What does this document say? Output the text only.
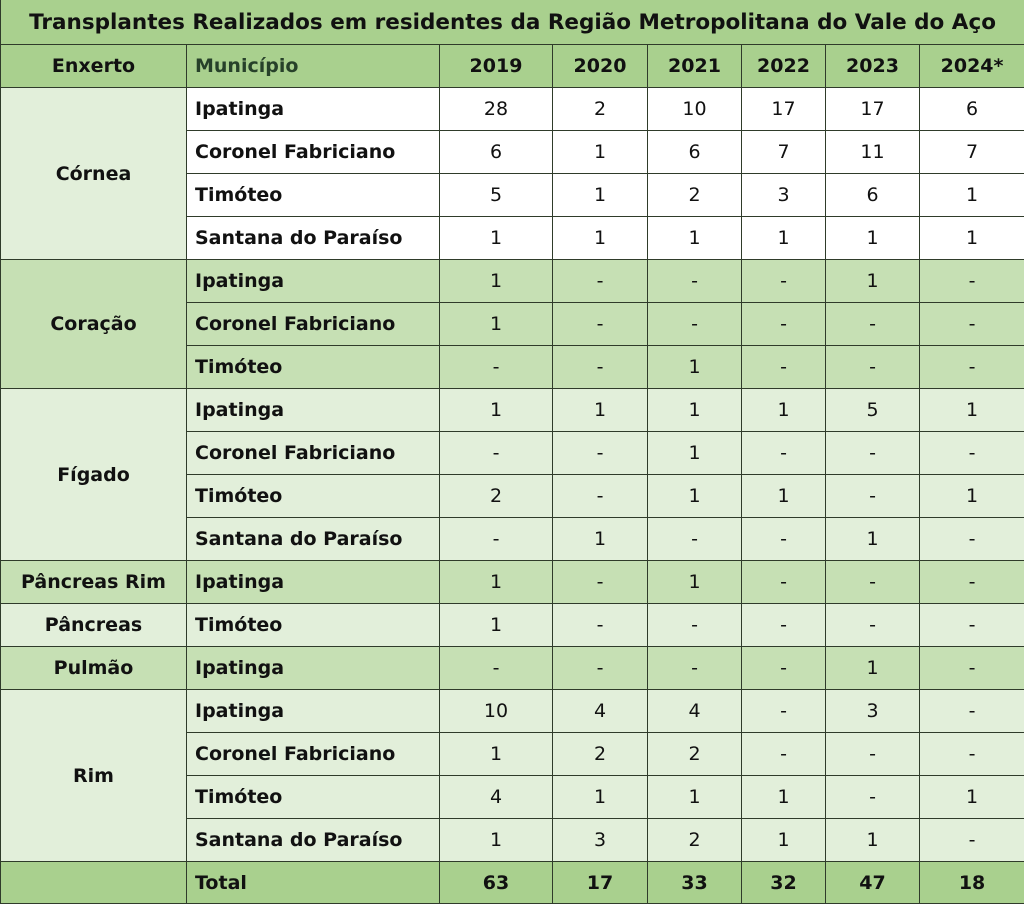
Transplantes Realizados em residentes da Região Metropolitana do Vale do Aço							
Enxerto	Município	2019	2020	2021	2022	2023	2024*
Córnea	Ipatinga	28	2	10	17	17	6
	Coronel Fabriciano	6	1	6	7	11	7
	Timóteo	5	1	2	3	6	1
	Santana do Paraíso	1	1	1	1	1	1
Coração	Ipatinga	1	-	-	-	1	-
	Coronel Fabriciano	1	-	-	-	-	-
	Timóteo	-	-	1	-	-	-
Fígado	Ipatinga	1	1	1	1	5	1
	Coronel Fabriciano	-	-	1	-	-	-
	Timóteo	2	-	1	1	-	1
	Santana do Paraíso	-	1	-	-	1	-
Pâncreas Rim	Ipatinga	1	-	1	-	-	-
Pâncreas	Timóteo	1	-	-	-	-	-
Pulmão	Ipatinga	-	-	-	-	1	-
Rim	Ipatinga	10	4	4	-	3	-
	Coronel Fabriciano	1	2	2	-	-	-
	Timóteo	4	1	1	1	-	1
	Santana do Paraíso	1	3	2	1	1	-
	Total	63	17	33	32	47	18
